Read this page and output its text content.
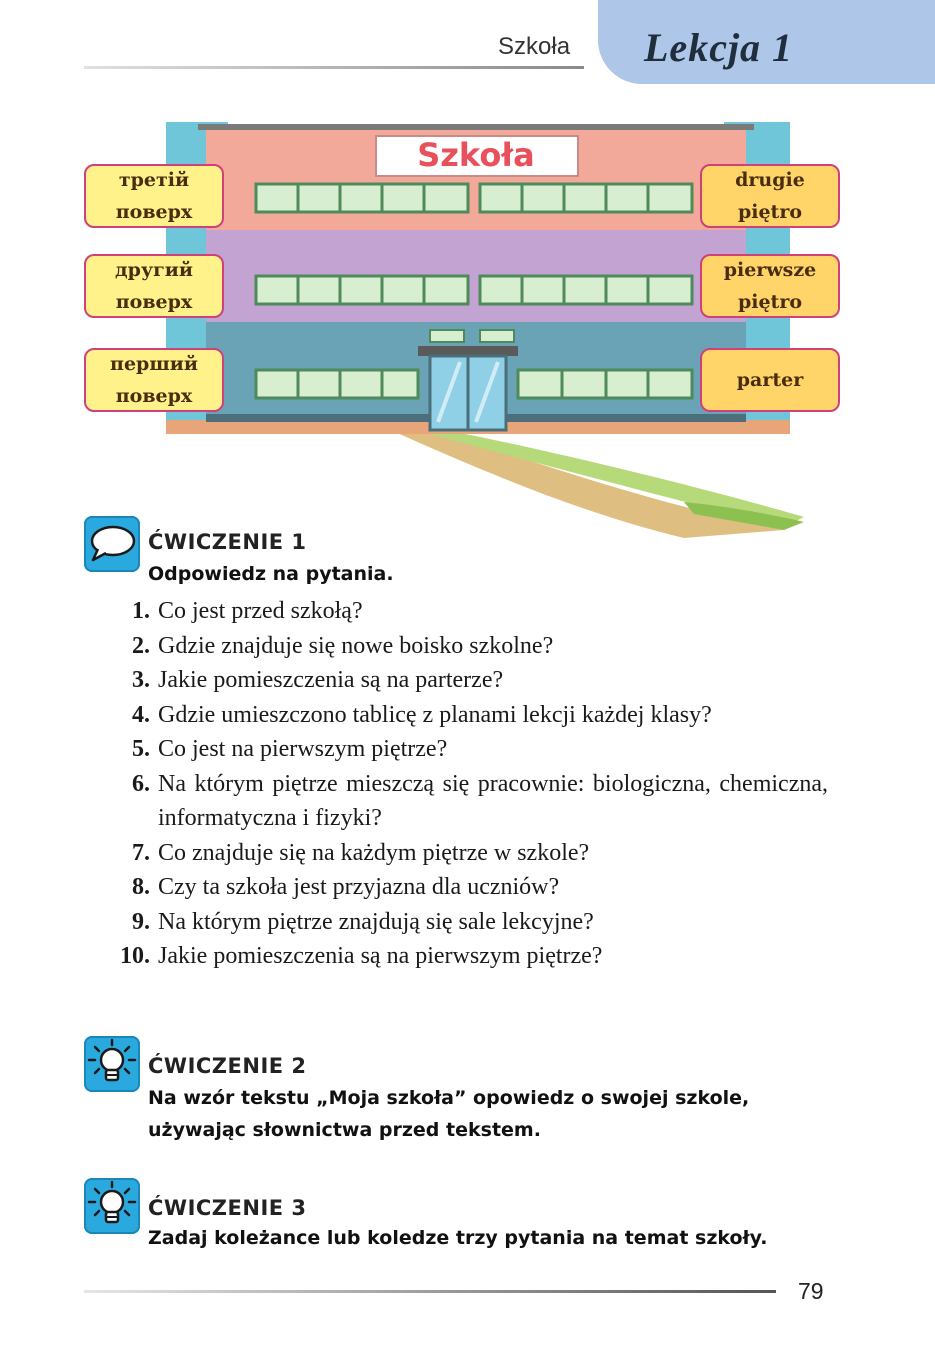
Szkoła Lekcja 1
Szkoła
третій
поверх
другий
поверх
перший
поверх
drugie
piętro
pierwsze
piętro
parter
ĆWICZENIE 1
Odpowiedz na pytania.
1. Co jest przed szkołą?
2. Gdzie znajduje się nowe boisko szkolne?
3. Jakie pomieszczenia są na parterze?
4. Gdzie umieszczono tablicę z planami lekcji każdej klasy?
5. Co jest na pierwszym piętrze?
6. Na którym piętrze mieszczą się pracownie: biologiczna, chemiczna, informatyczna i fizyki?
7. Co znajduje się na każdym piętrze w szkole?
8. Czy ta szkoła jest przyjazna dla uczniów?
9. Na którym piętrze znajdują się sale lekcyjne?
10. Jakie pomieszczenia są na pierwszym piętrze?
ĆWICZENIE 2
Na wzór tekstu „Moja szkoła” opowiedz o swojej szkole, używając słownictwa przed tekstem.
ĆWICZENIE 3
Zadaj koleżance lub koledze trzy pytania na temat szkoły.
79
